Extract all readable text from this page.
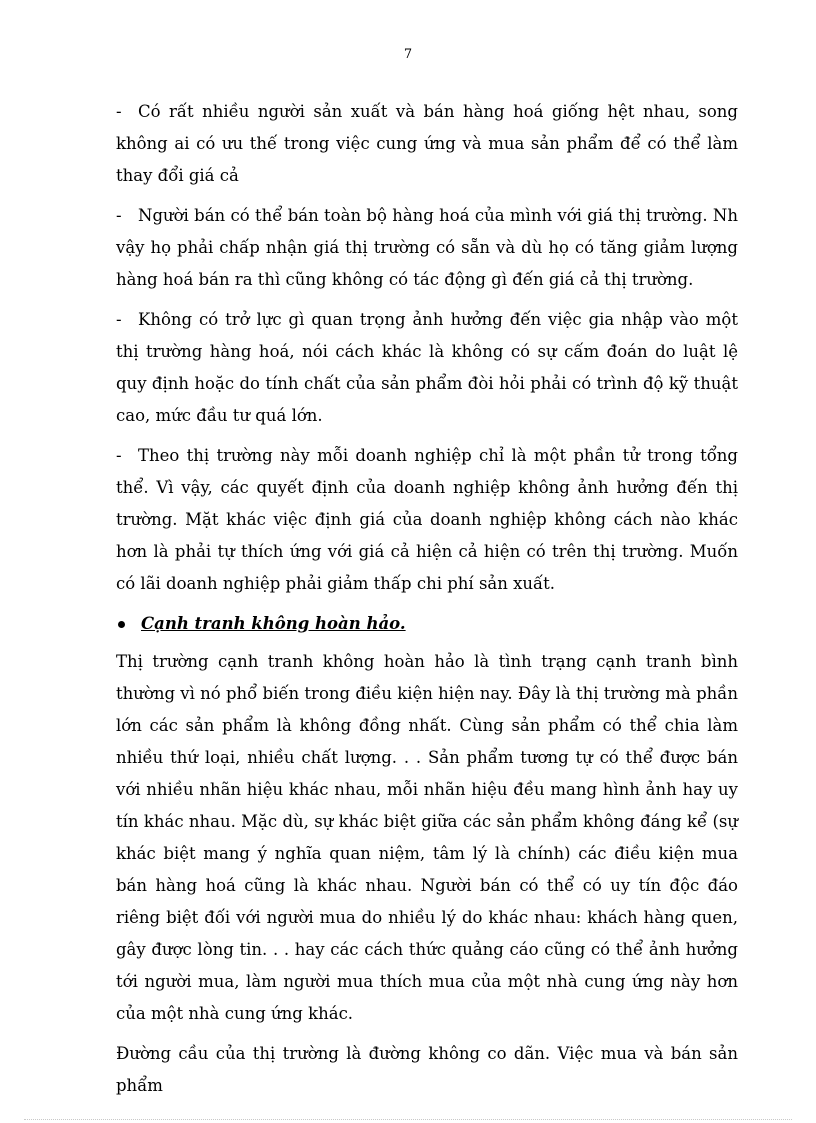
7

- Có rất nhiều người sản xuất và bán hàng hoá giống hệt nhau, song không ai có ưu thế trong việc cung ứng và mua sản phẩm để có thể làm thay đổi giá cả

- Người bán có thể bán toàn bộ hàng hoá của mình với giá thị trường. Nh vậy họ phải chấp nhận giá thị trường có sẵn và dù họ có tăng giảm lượng hàng hoá bán ra thì cũng không có tác động gì đến giá cả thị trường.

- Không có trở lực gì quan trọng ảnh hưởng đến việc gia nhập vào một thị trường hàng hoá, nói cách khác là không có sự cấm đoán do luật lệ quy định hoặc do tính chất của sản phẩm đòi hỏi phải có trình độ kỹ thuật cao, mức đầu tư quá lớn.

- Theo thị trường này mỗi doanh nghiệp chỉ là một phần tử trong tổng thể. Vì vậy, các quyết định của doanh nghiệp không ảnh hưởng đến thị trường. Mặt khác việc định giá của doanh nghiệp không cách nào khác hơn là phải tự thích ứng với giá cả hiện cả hiện có trên thị trường. Muốn có lãi doanh nghiệp phải giảm thấp chi phí sản xuất.

Cạnh tranh không hoàn hảo.

Thị trường cạnh tranh không hoàn hảo là tình trạng cạnh tranh bình thường vì nó phổ biến trong điều kiện hiện nay. Đây là thị trường mà phần lớn các sản phẩm là không đồng nhất. Cùng sản phẩm có thể chia làm nhiều thứ loại, nhiều chất lượng. . . Sản phẩm tương tự có thể được bán với nhiều nhãn hiệu khác nhau, mỗi nhãn hiệu đều mang hình ảnh hay uy tín khác nhau. Mặc dù, sự khác biệt giữa các sản phẩm không đáng kể (sự khác biệt mang ý nghĩa quan niệm, tâm lý là chính) các điều kiện mua bán hàng hoá cũng là khác nhau. Người bán có thể có uy tín độc đáo riêng biệt đối với người mua do nhiều lý do khác nhau: khách hàng quen, gây được lòng tin. . . hay các cách thức quảng cáo cũng có thể ảnh hưởng tới người mua, làm người mua thích mua của một nhà cung ứng này hơn của một nhà cung ứng khác.

Đường cầu của thị trường là đường không co dãn. Việc mua và bán sản phẩm
